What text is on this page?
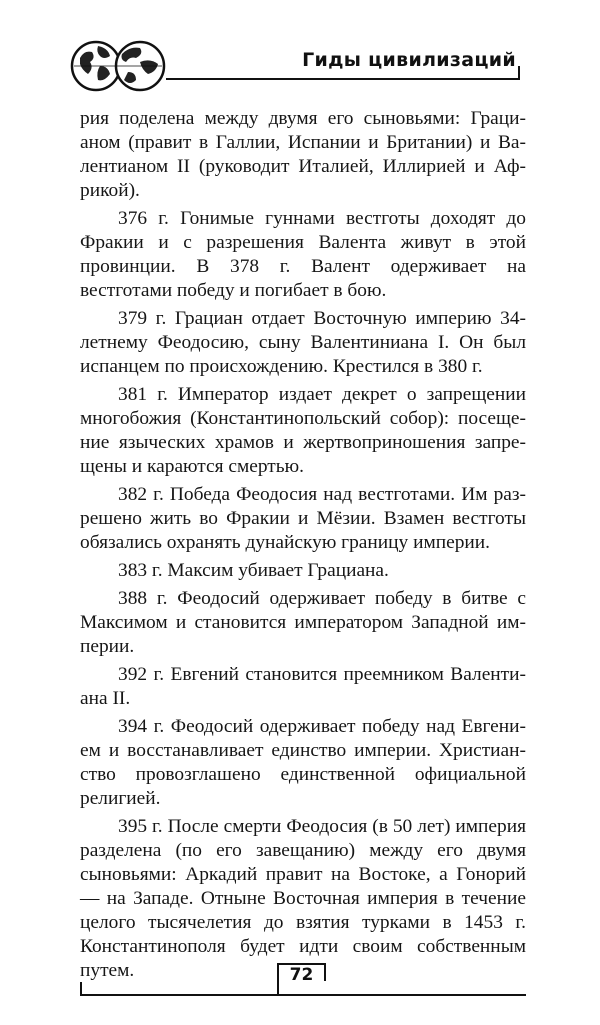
Гиды цивилизаций

рия поделена между двумя его сыновьями: Грацианом (правит в Галлии, Испании и Британии) и Валентианом II (руководит Италией, Иллирией и Африкой).

376 г. Гонимые гуннами вестготы доходят до Фракии и с разрешения Валента живут в этой провинции. В 378 г. Валент одерживает на вестготами победу и погибает в бою.

379 г. Грациан отдает Восточную империю 34-летнему Феодосию, сыну Валентиниана I. Он был испанцем по происхождению. Крестился в 380 г.

381 г. Император издает декрет о запрещении многобожия (Константинопольский собор): посещение языческих храмов и жертвоприношения запрещены и караются смертью.

382 г. Победа Феодосия над вестготами. Им разрешено жить во Фракии и Мёзии. Взамен вестготы обязались охранять дунайскую границу империи.

383 г. Максим убивает Грациана.

388 г. Феодосий одерживает победу в битве с Максимом и становится императором Западной империи.

392 г. Евгений становится преемником Валентиана II.

394 г. Феодосий одерживает победу над Евгением и восстанавливает единство империи. Христианство провозглашено единственной официальной религией.

395 г. После смерти Феодосия (в 50 лет) империя разделена (по его завещанию) между его двумя сыновьями: Аркадий правит на Востоке, а Гонорий — на Западе. Отныне Восточная империя в течение целого тысячелетия до взятия турками в 1453 г. Константинополя будет идти своим собственным путем.	72
